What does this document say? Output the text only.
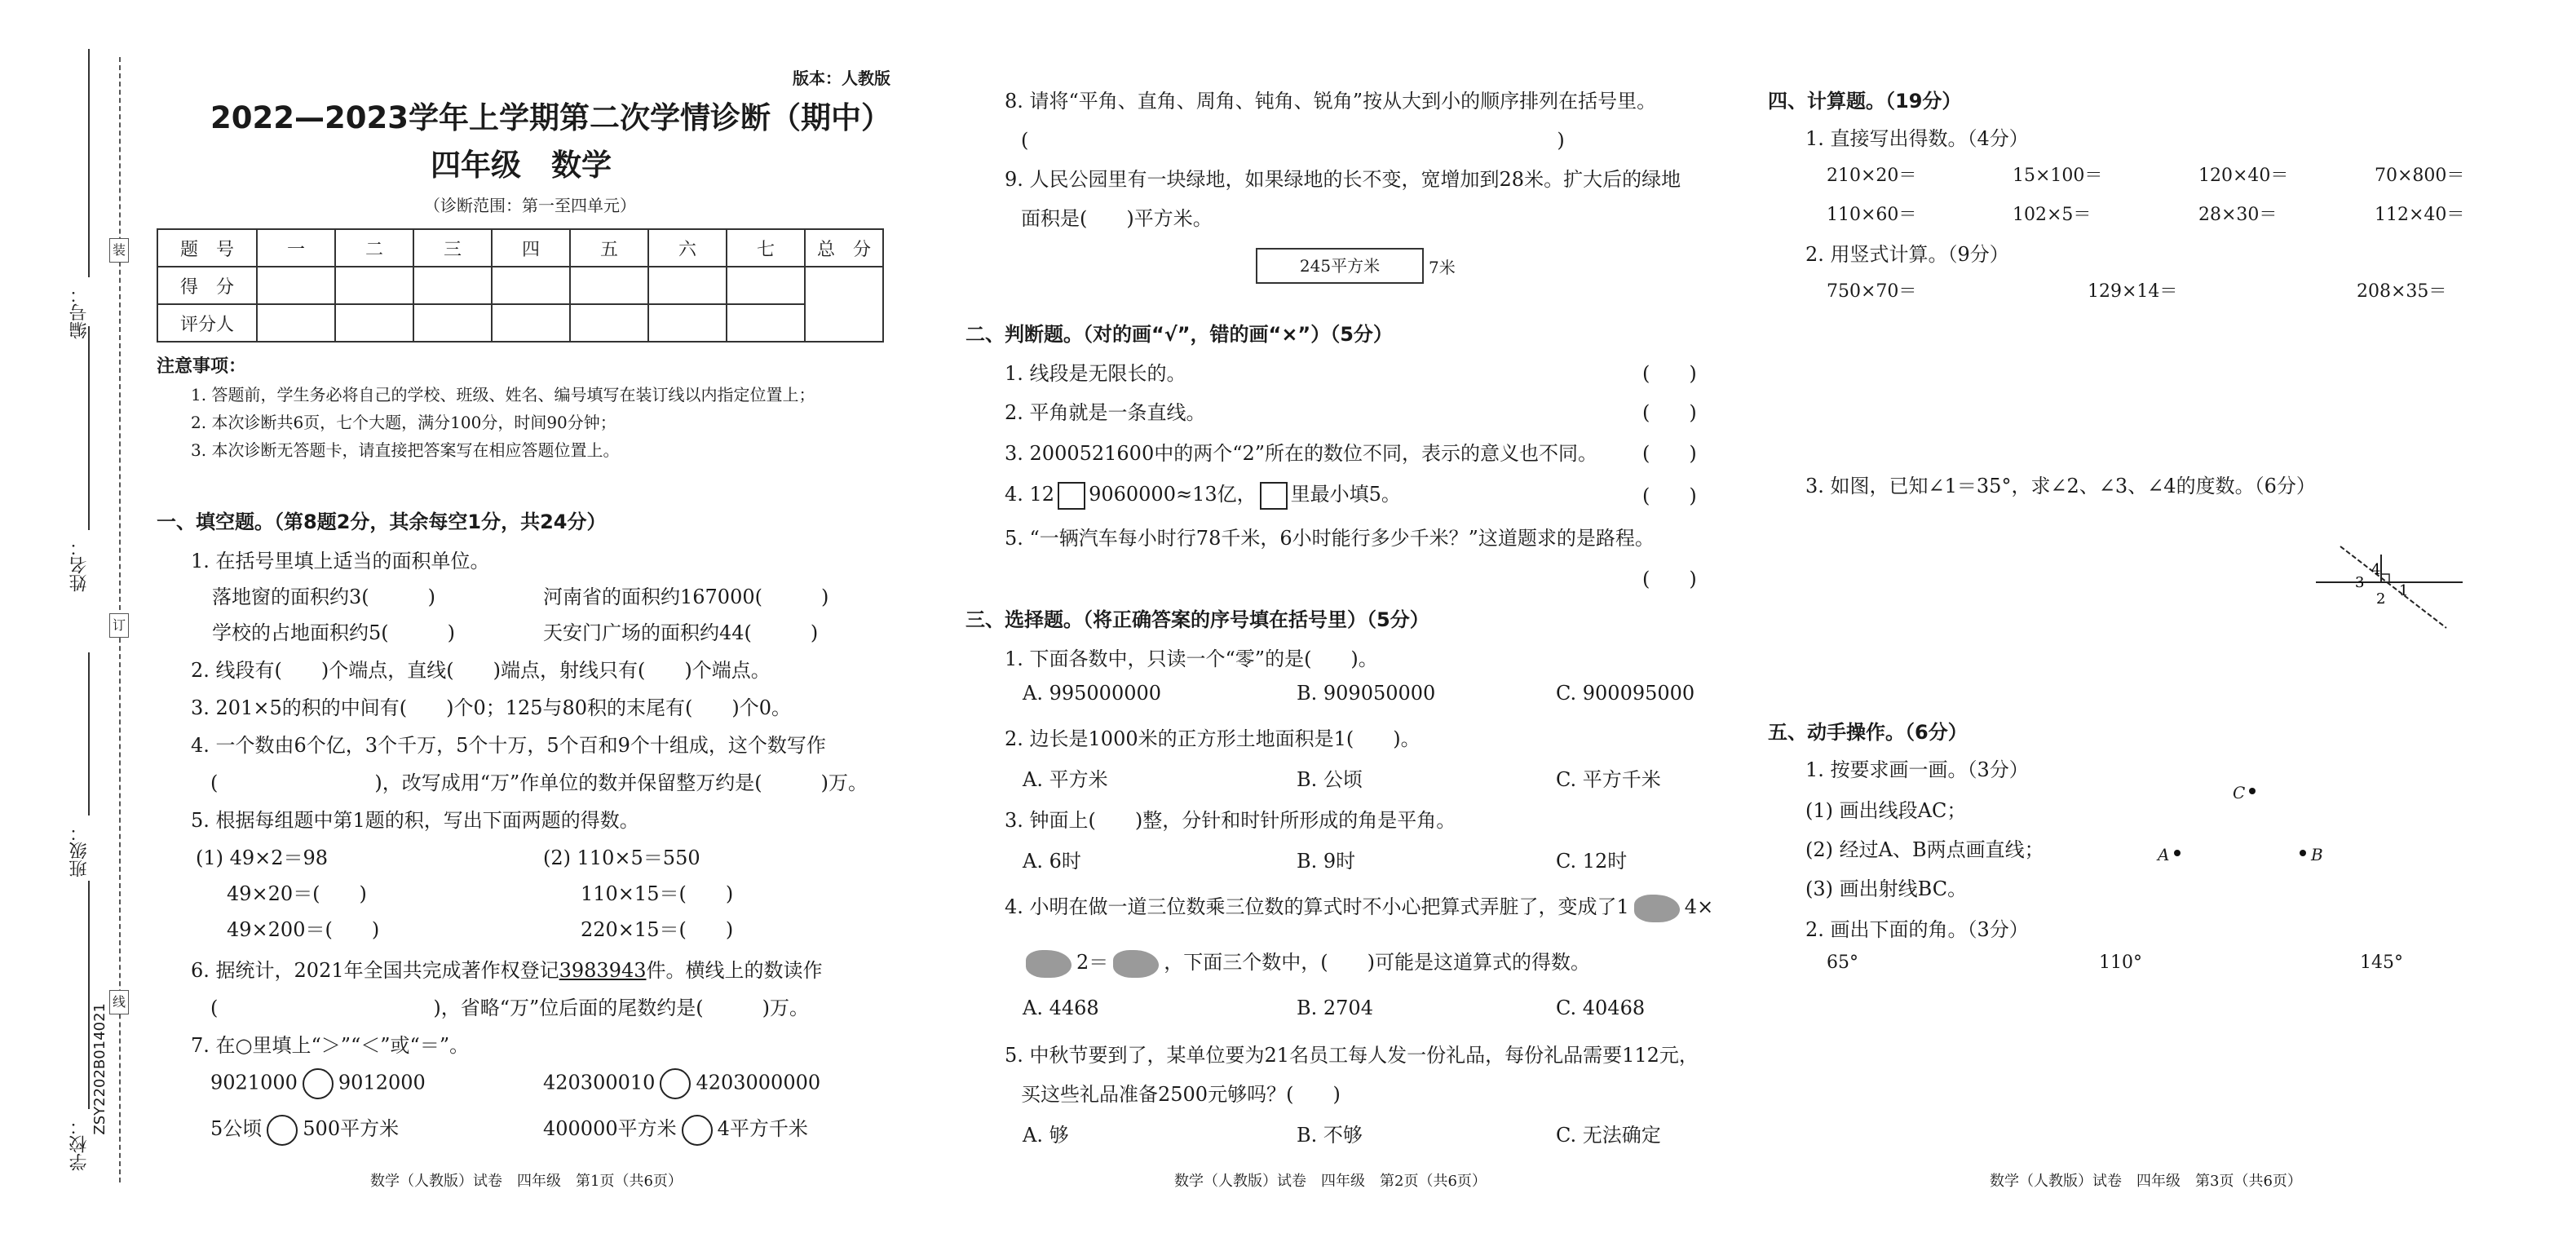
装
订
线
编号：
姓名：
班级：
学校：
ZSY2202B014021
版本：人教版
2022—2023学年上学期第二次学情诊断（期中）
四年级　数学
（诊断范围：第一至四单元）
题　号	一	二	三	四	五	六	七	总　分
得　分								
评分人								
注意事项：
1. 答题前，学生务必将自己的学校、班级、姓名、编号填写在装订线以内指定位置上；
2. 本次诊断共6页，七个大题，满分100分，时间90分钟；
3. 本次诊断无答题卡，请直接把答案写在相应答题位置上。
一、填空题。（第8题2分，其余每空1分，共24分）
1. 在括号里填上适当的面积单位。
落地窗的面积约3(　　　)	河南省的面积约167000(　　　)
学校的占地面积约5(　　　)	天安门广场的面积约44(　　　)
2. 线段有(　　)个端点，直线(　　)端点，射线只有(　　)个端点。
3. 201×5的积的中间有(　　)个0；125与80积的末尾有(　　)个0。
4. 一个数由6个亿，3个千万，5个十万，5个百和9个十组成，这个数写作
(　　　　　　　　)，改写成用“万”作单位的数并保留整万约是(　　　)万。
5. 根据每组题中第1题的积，写出下面两题的得数。
(1) 49×2＝98
49×20＝(　　)
49×200＝(　　)
(2) 110×5＝550
110×15＝(　　)
220×15＝(　　)
6. 据统计，2021年全国共完成著作权登记3983943件。横线上的数读作
(　　　　　　　　　　　)，省略“万”位后面的尾数约是(　　　)万。
7. 在○里填上“＞”“＜”或“＝”。
9021000 9012000	420300010 4203000000
5公顷 500平方米	400000平方米 4平方千米
数学（人教版）试卷　四年级　第1页（共6页）
8. 请将“平角、直角、周角、钝角、锐角”按从大到小的顺序排列在括号里。
(　　　　　　　　　　　　　　　　　　　　　　　　　　　)
9. 人民公园里有一块绿地，如果绿地的长不变，宽增加到28米。扩大后的绿地
面积是(　　)平方米。
245平方米	7米
二、判断题。（对的画“√”，错的画“×”）（5分）
1. 线段是无限长的。	(　　)
2. 平角就是一条直线。	(　　)
3. 2000521600中的两个“2”所在的数位不同，表示的意义也不同。 (　　)
4. 12 9060000≈13亿， 里最小填5。	(　　)
5. “一辆汽车每小时行78千米，6小时能行多少千米？”这道题求的是路程。
(　　)
三、选择题。（将正确答案的序号填在括号里）（5分）
1. 下面各数中，只读一个“零”的是(　　)。
A. 995000000	B. 909050000	C. 900095000
2. 边长是1000米的正方形土地面积是1(　　)。
A. 平方米	B. 公顷	C. 平方千米
3. 钟面上(　　)整，分针和时针所形成的角是平角。
A. 6时	B. 9时	C. 12时
4. 小明在做一道三位数乘三位数的算式时不小心把算式弄脏了，变成了1	4×
2＝	，下面三个数中，(　　)可能是这道算式的得数。
A. 4468	B. 2704	C. 40468
5. 中秋节要到了，某单位要为21名员工每人发一份礼品，每份礼品需要112元，
买这些礼品准备2500元够吗？(　　)
A. 够	B. 不够	C. 无法确定
数学（人教版）试卷　四年级　第2页（共6页）
四、计算题。（19分）
1. 直接写出得数。（4分）
210×20＝	15×100＝	120×40＝	70×800＝
110×60＝	102×5＝	28×30＝	112×40＝
2. 用竖式计算。（9分）
750×70＝	129×14＝	208×35＝
3. 如图，已知∠1＝35°，求∠2、∠3、∠4的度数。（6分）
1
2
3
4
五、动手操作。（6分）
1. 按要求画一画。（3分）
(1) 画出线段AC；
(2) 经过A、B两点画直线；
(3) 画出射线BC。
C
A	B
2. 画出下面的角。（3分）
65°	110°	145°
数学（人教版）试卷　四年级　第3页（共6页）
